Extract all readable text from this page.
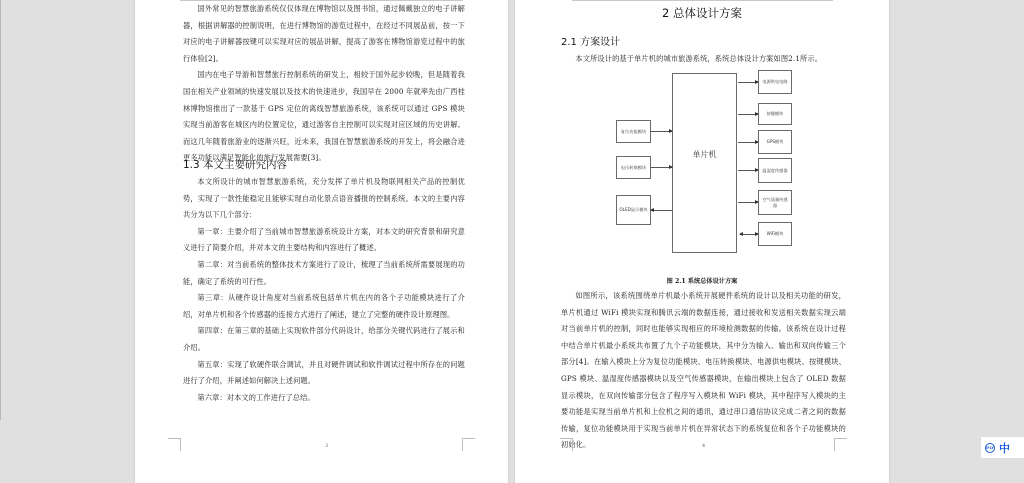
国外常见的智慧旅游系统仅仅体现在博物馆以及图书馆，通过佩戴独立的电子讲解器，根据讲解器的控制说明，在进行博物馆的游览过程中，在经过不同展品前，按一下对应的电子讲解器按键可以实现对应的展品讲解，提高了游客在博物馆游览过程中的旅行体验[2]。

国内在电子导游和智慧旅行控制系统的研发上，相较于国外起步较晚，但是随着我国在相关产业领域的快速发展以及技术的快速进步，我国早在 2000 年就率先由广西桂林博物馆推出了一款基于 GPS 定位的离线智慧旅游系统，该系统可以通过 GPS 模块实现当前游客在城区内的位置定位，通过游客自主控制可以实现对应区域的历史讲解。而这几年随着旅游业的逐渐兴旺，近未来，我国在智慧旅游系统的开发上，将会融合进更多功能以满足智能化的旅行发展需要[3]。

1.3 本文主要研究内容

本文所设计的城市智慧旅游系统，充分发挥了单片机及物联网相关产品的控制优势，实现了一款性能稳定且能够实现自动化景点语音播报的控制系统。本文的主要内容共分为以下几个部分：

第一章：主要介绍了当前城市智慧旅游系统设计方案，对本文的研究背景和研究意义进行了简要介绍，并对本文的主要结构和内容进行了概述。

第二章：对当前系统的整体技术方案进行了设计，梳理了当前系统所需要展现的功能，确定了系统的可行性。

第三章：从硬件设计角度对当前系统包括单片机在内的各个子功能模块进行了介绍，对单片机和各个传感器的连接方式进行了阐述，建立了完整的硬件设计原理图。

第四章：在第三章的基础上实现软件部分代码设计，给部分关键代码进行了展示和介绍。

第五章：实现了软硬件联合调试，并且对硬件调试和软件调试过程中所存在的问题进行了介绍，并阐述如何解决上述问题。

第六章：对本文的工作进行了总结。

3
2 总体设计方案
2.1 方案设计

本文所设计的基于单片机的城市旅游系统，系统总体设计方案如图2.1所示。

单片机
复位功能模块
电压转换模块
OLED显示模块
电源供电电路
按键模块
GPS模块
温湿度传感器
空气质量传感器
WiFi模块
图 2.1 系统总体设计方案

如图所示，该系统围绕单片机最小系统开展硬件系统的设计以及相关功能的研发，单片机通过 WiFi 模块实现和腾讯云端的数据连接，通过接收和发送相关数据实现云端对当前单片机的控制，同时也能够实现相应的环境检测数据的传输。该系统在设计过程中结合单片机最小系统共布置了九个子功能模块，其中分为输入、输出和双向传输三个部分[4]。在输入模块上分为复位功能模块、电压转换模块、电源供电模块、按键模块、 GPS 模块、温湿度传感器模块以及空气传感器模块，在输出模块上包含了 OLED 数据显示模块，在双向传输部分包含了程序写入模块和 WiFi 模块，其中程序写入模块的主要功能是实现当前单片机和上位机之间的通讯，通过串口通信协议完成二者之间的数据传输，复位功能模块用于实现当前单片机在异常状态下的系统复位和各个子功能模块的初始化。	4	iFLY 中
